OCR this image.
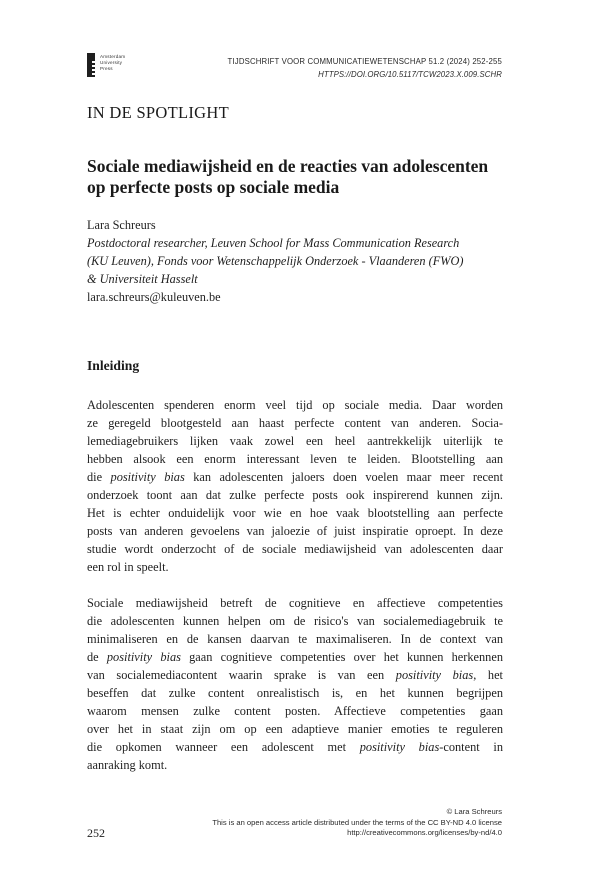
Amsterdam
University
Press
TIJDSCHRIFT VOOR COMMUNICATIEWETENSCHAP 51.2 (2024) 252-255
HTTPS://DOI.ORG/10.5117/TCW2023.X.009.SCHR
IN DE SPOTLIGHT
Sociale mediawijsheid en de reacties van adolescenten
op perfecte posts op sociale media
Lara Schreurs
Postdoctoral researcher, Leuven School for Mass Communication Research
(KU Leuven), Fonds voor Wetenschappelijk Onderzoek - Vlaanderen (FWO)
& Universiteit Hasselt
lara.schreurs@kuleuven.be
Inleiding
Adolescenten spenderen enorm veel tijd op sociale media. Daar worden
ze geregeld blootgesteld aan haast perfecte content van anderen. Socia-
lemediagebruikers lijken vaak zowel een heel aantrekkelijk uiterlijk te
hebben alsook een enorm interessant leven te leiden. Blootstelling aan
die positivity bias kan adolescenten jaloers doen voelen maar meer recent
onderzoek toont aan dat zulke perfecte posts ook inspirerend kunnen zijn.
Het is echter onduidelijk voor wie en hoe vaak blootstelling aan perfecte
posts van anderen gevoelens van jaloezie of juist inspiratie oproept. In deze
studie wordt onderzocht of de sociale mediawijsheid van adolescenten daar
een rol in speelt.
Sociale mediawijsheid betreft de cognitieve en affectieve competenties
die adolescenten kunnen helpen om de risico's van socialemediagebruik te
minimaliseren en de kansen daarvan te maximaliseren. In de context van
de positivity bias gaan cognitieve competenties over het kunnen herkennen
van socialemediacontent waarin sprake is van een positivity bias, het
beseffen dat zulke content onrealistisch is, en het kunnen begrijpen
waarom mensen zulke content posten. Affectieve competenties gaan
over het in staat zijn om op een adaptieve manier emoties te reguleren
die opkomen wanneer een adolescent met positivity bias-content in
aanraking komt.
© Lara Schreurs
This is an open access article distributed under the terms of the CC BY-ND 4.0 license
http://creativecommons.org/licenses/by-nd/4.0
252
